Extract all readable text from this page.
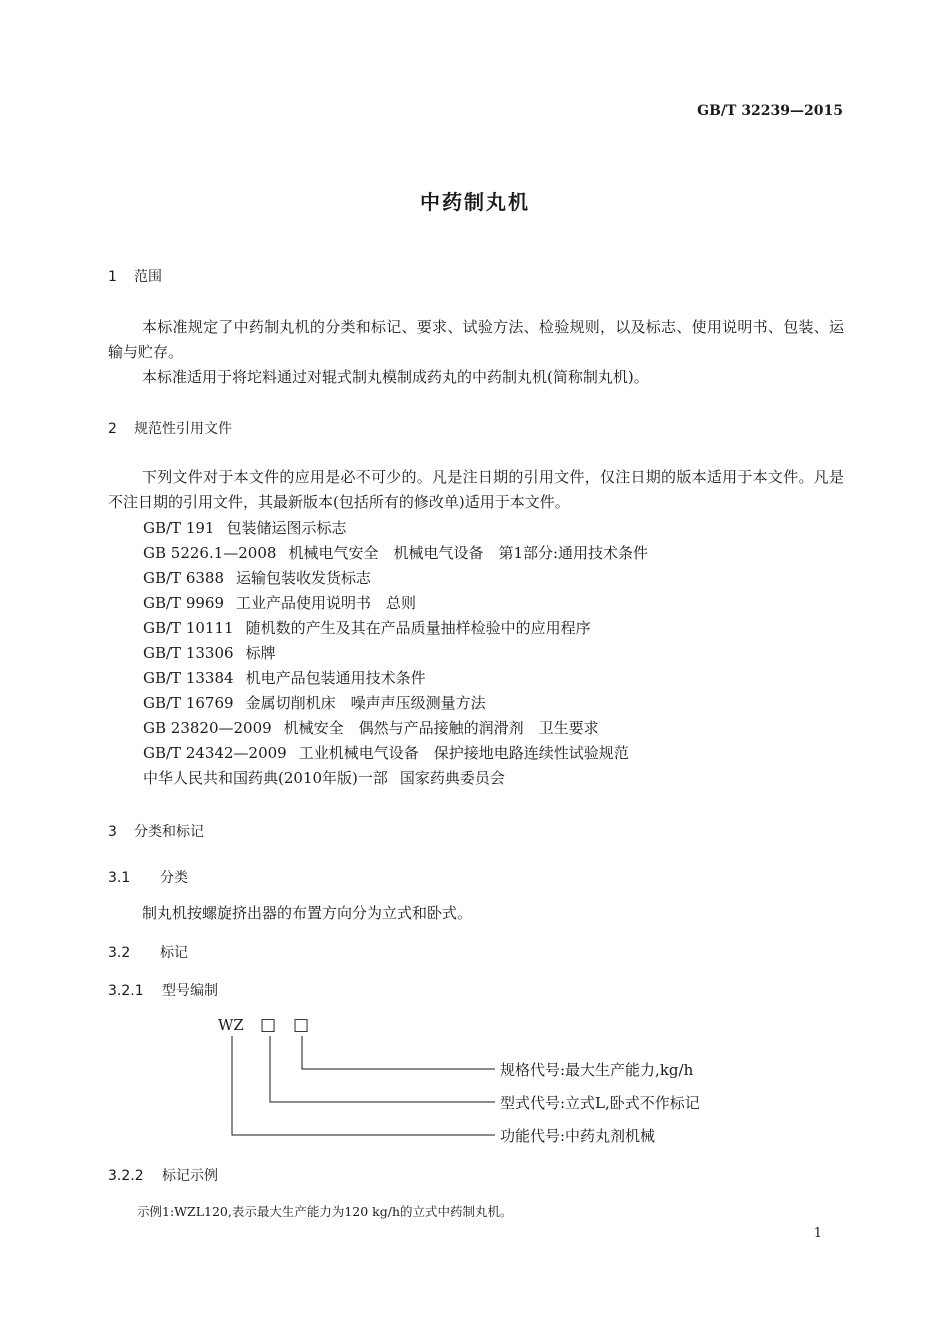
GB/T 32239—2015
中药制丸机
1 范围

本标准规定了中药制丸机的分类和标记、要求、试验方法、检验规则，以及标志、使用说明书、包装、运输与贮存。

本标准适用于将坨料通过对辊式制丸模制成药丸的中药制丸机(简称制丸机)。

2 规范性引用文件

下列文件对于本文件的应用是必不可少的。凡是注日期的引用文件，仅注日期的版本适用于本文件。凡是不注日期的引用文件，其最新版本(包括所有的修改单)适用于本文件。

GB/T 191 包装储运图示标志
GB 5226.1—2008 机械电气安全　机械电气设备　第1部分:通用技术条件
GB/T 6388 运输包装收发货标志
GB/T 9969 工业产品使用说明书　总则
GB/T 10111 随机数的产生及其在产品质量抽样检验中的应用程序
GB/T 13306 标牌
GB/T 13384 机电产品包装通用技术条件
GB/T 16769 金属切削机床　噪声声压级测量方法
GB 23820—2009 机械安全　偶然与产品接触的润滑剂　卫生要求
GB/T 24342—2009 工业机械电气设备　保护接地电路连续性试验规范
中华人民共和国药典(2010年版)一部 国家药典委员会
3 分类和标记
3.1 分类

制丸机按螺旋挤出器的布置方向分为立式和卧式。

3.2 标记
3.2.1 型号编制
WZ □ □
规格代号:最大生产能力,kg/h
型式代号:立式L,卧式不作标记
功能代号:中药丸剂机械
3.2.2 标记示例
示例1:WZL120,表示最大生产能力为120 kg/h的立式中药制丸机。
1
